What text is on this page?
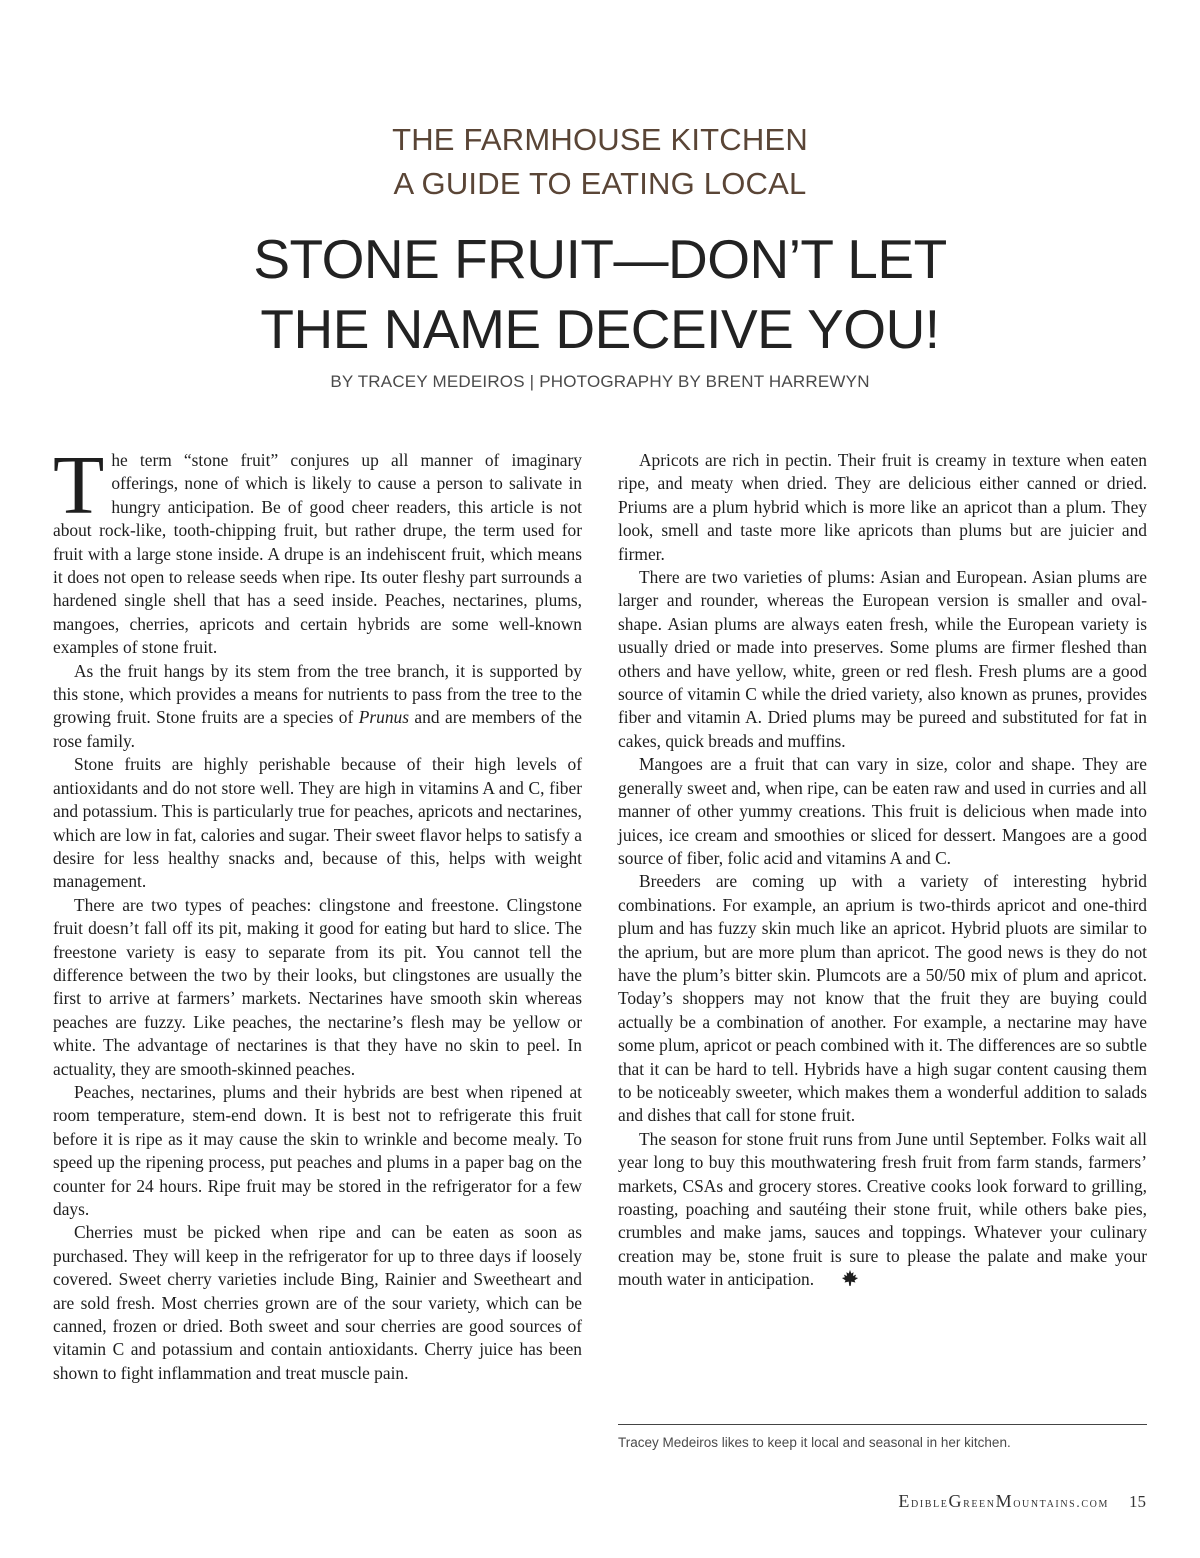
THE FARMHOUSE KITCHEN
A GUIDE TO EATING LOCAL
STONE FRUIT—DON’T LET
THE NAME DECEIVE YOU!
BY TRACEY MEDEIROS | PHOTOGRAPHY BY BRENT HARREWYN

The term “stone fruit” conjures up all manner of imaginary offerings, none of which is likely to cause a person to salivate in hungry anticipation. Be of good cheer readers, this article is not about rock-like, tooth-chipping fruit, but rather drupe, the term used for fruit with a large stone inside. A drupe is an indehiscent fruit, which means it does not open to release seeds when ripe. Its outer fleshy part surrounds a hardened single shell that has a seed inside. Peaches, nectarines, plums, mangoes, cherries, apricots and certain hybrids are some well-known examples of stone fruit.

As the fruit hangs by its stem from the tree branch, it is supported by this stone, which provides a means for nutrients to pass from the tree to the growing fruit. Stone fruits are a species of Prunus and are members of the rose family.

Stone fruits are highly perishable because of their high levels of antioxidants and do not store well. They are high in vitamins A and C, fiber and potassium. This is particularly true for peaches, apricots and nectarines, which are low in fat, calories and sugar. Their sweet flavor helps to satisfy a desire for less healthy snacks and, because of this, helps with weight management.

There are two types of peaches: clingstone and freestone. Clingstone fruit doesn’t fall off its pit, making it good for eating but hard to slice. The freestone variety is easy to separate from its pit. You cannot tell the difference between the two by their looks, but clingstones are usually the first to arrive at farmers’ markets. Nectarines have smooth skin whereas peaches are fuzzy. Like peaches, the nectarine’s flesh may be yellow or white. The advantage of nectarines is that they have no skin to peel. In actuality, they are smooth-skinned peaches.

Peaches, nectarines, plums and their hybrids are best when ripened at room temperature, stem-end down. It is best not to refrigerate this fruit before it is ripe as it may cause the skin to wrinkle and become mealy. To speed up the ripening process, put peaches and plums in a paper bag on the counter for 24 hours. Ripe fruit may be stored in the refrigerator for a few days.

Cherries must be picked when ripe and can be eaten as soon as purchased. They will keep in the refrigerator for up to three days if loosely covered. Sweet cherry varieties include Bing, Rainier and Sweetheart and are sold fresh. Most cherries grown are of the sour variety, which can be canned, frozen or dried. Both sweet and sour cherries are good sources of vitamin C and potassium and contain antioxidants. Cherry juice has been shown to fight inflammation and treat muscle pain.

Apricots are rich in pectin. Their fruit is creamy in texture when eaten ripe, and meaty when dried. They are delicious either canned or dried. Priums are a plum hybrid which is more like an apricot than a plum. They look, smell and taste more like apricots than plums but are juicier and firmer.

There are two varieties of plums: Asian and European. Asian plums are larger and rounder, whereas the European version is smaller and oval-shape. Asian plums are always eaten fresh, while the European variety is usually dried or made into preserves. Some plums are firmer fleshed than others and have yellow, white, green or red flesh. Fresh plums are a good source of vitamin C while the dried variety, also known as prunes, provides fiber and vitamin A. Dried plums may be pureed and substituted for fat in cakes, quick breads and muffins.

Mangoes are a fruit that can vary in size, color and shape. They are generally sweet and, when ripe, can be eaten raw and used in curries and all manner of other yummy creations. This fruit is delicious when made into juices, ice cream and smoothies or sliced for dessert. Mangoes are a good source of fiber, folic acid and vitamins A and C.

Breeders are coming up with a variety of interesting hybrid combinations. For example, an aprium is two-thirds apricot and one-third plum and has fuzzy skin much like an apricot. Hybrid pluots are similar to the aprium, but are more plum than apricot. The good news is they do not have the plum’s bitter skin. Plumcots are a 50/50 mix of plum and apricot. Today’s shoppers may not know that the fruit they are buying could actually be a combination of another. For example, a nectarine may have some plum, apricot or peach combined with it. The differences are so subtle that it can be hard to tell. Hybrids have a high sugar content causing them to be noticeably sweeter, which makes them a wonderful addition to salads and dishes that call for stone fruit.

The season for stone fruit runs from June until September. Folks wait all year long to buy this mouthwatering fresh fruit from farm stands, farmers’ markets, CSAs and grocery stores. Creative cooks look forward to grilling, roasting, poaching and sautéing their stone fruit, while others bake pies, crumbles and make jams, sauces and toppings. Whatever your culinary creation may be, stone fruit is sure to please the palate and make your mouth water in anticipation.

Tracey Medeiros likes to keep it local and seasonal in her kitchen.
EdibleGreenMountains.com 15
